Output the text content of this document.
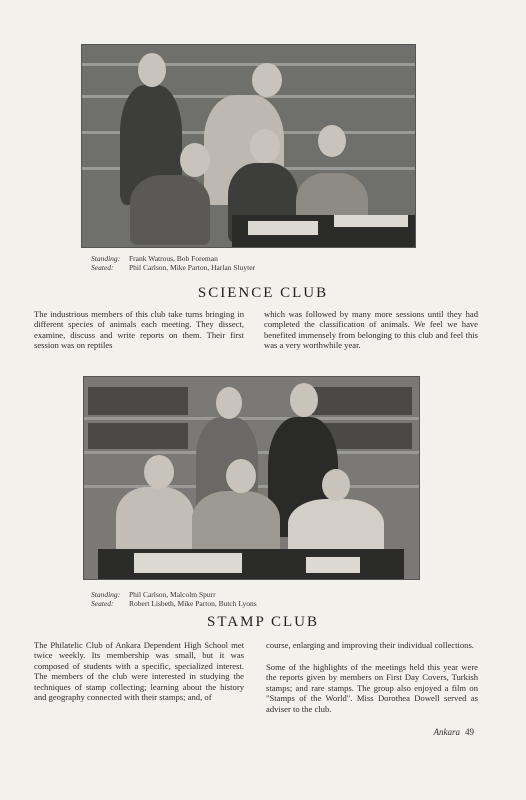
Standing: Frank Watrous, Bob Foreman
Seated: Phil Carlson, Mike Parton, Harlan Sluyter
SCIENCE CLUB

The industrious members of this club take turns bringing in different species of animals each meeting. They dissect, examine, discuss and write reports on them. Their first session was on reptiles

which was followed by many more sessions until they had completed the classification of animals. We feel we have benefited immensely from belonging to this club and feel this was a very worthwhile year.

Standing: Phil Carlson, Malcolm Spurr
Seated: Robert Lisbeth, Mike Parton, Butch Lyons
STAMP CLUB

The Philatelic Club of Ankara Dependent High School met twice weekly. Its membership was small, but it was composed of students with a specific, specialized interest. The members of the club were interested in studying the techniques of stamp collecting; learning about the history and geography connected with their stamps; and, of

course, enlarging and improving their individual collections.

Some of the highlights of the meetings held this year were the reports given by members on First Day Covers, Turkish stamps; and rare stamps. The group also enjoyed a film on "Stamps of the World". Miss Dorothea Dowell served as adviser to the club.

Ankara 49
